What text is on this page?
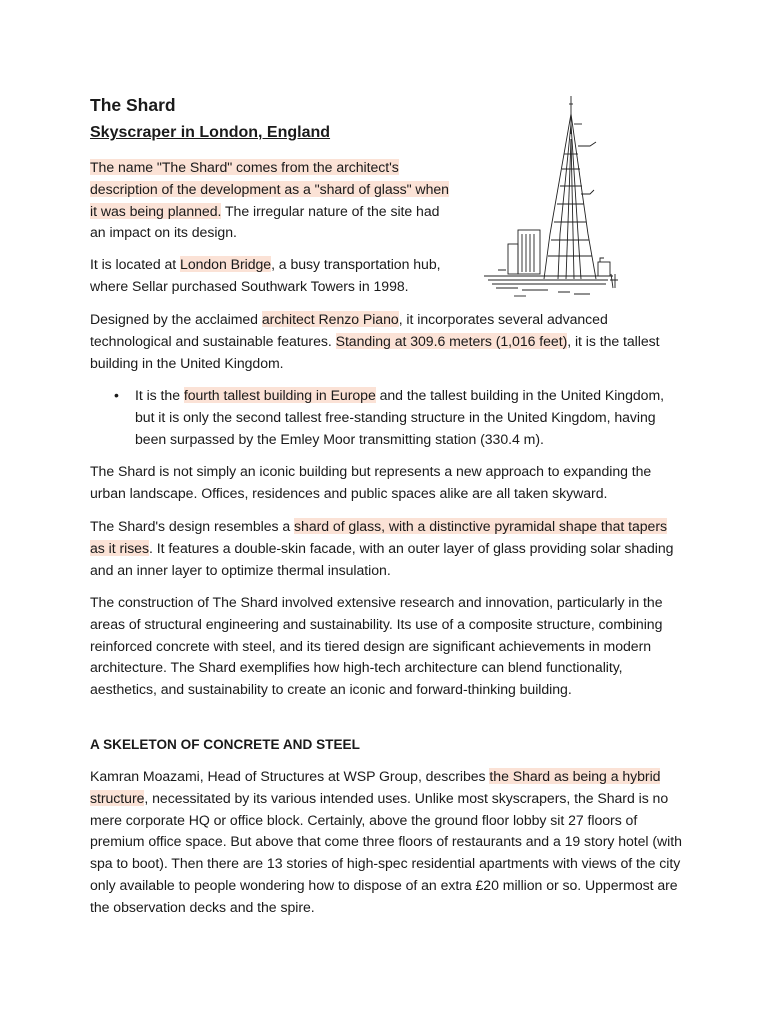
The Shard
Skyscraper in London, England

The name "The Shard" comes from the architect's description of the development as a "shard of glass" when it was being planned. The irregular nature of the site had an impact on its design.

It is located at London Bridge, a busy transportation hub, where Sellar purchased Southwark Towers in 1998.

Designed by the acclaimed architect Renzo Piano, it incorporates several advanced technological and sustainable features. Standing at 309.6 meters (1,016 feet), it is the tallest building in the United Kingdom.

• It is the fourth tallest building in Europe and the tallest building in the United Kingdom, but it is only the second tallest free-standing structure in the United Kingdom, having been surpassed by the Emley Moor transmitting station (330.4 m).

The Shard is not simply an iconic building but represents a new approach to expanding the urban landscape. Offices, residences and public spaces alike are all taken skyward.

The Shard's design resembles a shard of glass, with a distinctive pyramidal shape that tapers as it rises. It features a double-skin facade, with an outer layer of glass providing solar shading and an inner layer to optimize thermal insulation.

The construction of The Shard involved extensive research and innovation, particularly in the areas of structural engineering and sustainability. Its use of a composite structure, combining reinforced concrete with steel, and its tiered design are significant achievements in modern architecture. The Shard exemplifies how high-tech architecture can blend functionality, aesthetics, and sustainability to create an iconic and forward-thinking building.

A SKELETON OF CONCRETE AND STEEL

Kamran Moazami, Head of Structures at WSP Group, describes the Shard as being a hybrid structure, necessitated by its various intended uses. Unlike most skyscrapers, the Shard is no mere corporate HQ or office block. Certainly, above the ground floor lobby sit 27 floors of premium office space. But above that come three floors of restaurants and a 19 story hotel (with spa to boot). Then there are 13 stories of high-spec residential apartments with views of the city only available to people wondering how to dispose of an extra £20 million or so. Uppermost are the observation decks and the spire.
